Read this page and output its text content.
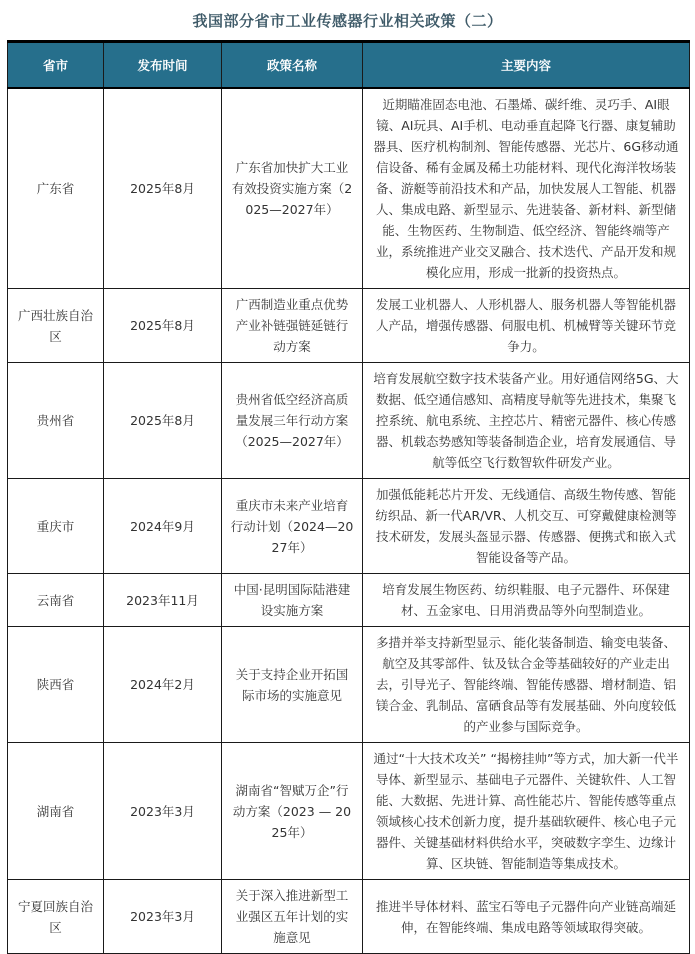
我国部分省市工业传感器行业相关政策（二）
省市	发布时间	政策名称	主要内容
广东省	2025年8月	广东省加快扩大工业有效投资实施方案（2025—2027年）	近期瞄准固态电池、石墨烯、碳纤维、灵巧手、AI眼镜、AI玩具、AI手机、电动垂直起降飞行器、康复辅助器具、医疗机构制剂、智能传感器、光芯片、6G移动通信设备、稀有金属及稀土功能材料、现代化海洋牧场装备、游艇等前沿技术和产品，加快发展人工智能、机器人、集成电路、新型显示、先进装备、新材料、新型储能、生物医药、生物制造、低空经济、智能终端等产业，系统推进产业交叉融合、技术迭代、产品开发和规模化应用，形成一批新的投资热点。
广西壮族自治区	2025年8月	广西制造业重点优势产业补链强链延链行动方案	发展工业机器人、人形机器人、服务机器人等智能机器人产品，增强传感器、伺服电机、机械臂等关键环节竞争力。
贵州省	2025年8月	贵州省低空经济高质量发展三年行动方案（2025—2027年）	培育发展航空数字技术装备产业。用好通信网络5G、大数据、低空通信感知、高精度导航等先进技术，集聚飞控系统、航电系统、主控芯片、精密元器件、核心传感器、机载态势感知等装备制造企业，培育发展通信、导航等低空飞行数智软件研发产业。
重庆市	2024年9月	重庆市未来产业培育行动计划（2024—2027年）	加强低能耗芯片开发、无线通信、高级生物传感、智能纺织品、新一代AR/VR、人机交互、可穿戴健康检测等技术研发，发展头盔显示器、传感器、便携式和嵌入式智能设备等产品。
云南省	2023年11月	中国·昆明国际陆港建设实施方案	培育发展生物医药、纺织鞋服、电子元器件、环保建材、五金家电、日用消费品等外向型制造业。
陕西省	2024年2月	关于支持企业开拓国际市场的实施意见	多措并举支持新型显示、能化装备制造、输变电装备、航空及其零部件、钛及钛合金等基础较好的产业走出去，引导光子、智能终端、智能传感器、增材制造、铝镁合金、乳制品、富硒食品等有发展基础、外向度较低的产业参与国际竞争。
湖南省	2023年3月	湖南省“智赋万企”行动方案（2023 — 2025年）	通过“十大技术攻关” “揭榜挂帅”等方式，加大新一代半导体、新型显示、基础电子元器件、关键软件、人工智能、大数据、先进计算、高性能芯片、智能传感等重点领域核心技术创新力度，提升基础软硬件、核心电子元器件、关键基础材料供给水平，突破数字孪生、边缘计算、区块链、智能制造等集成技术。
宁夏回族自治区	2023年3月	关于深入推进新型工业强区五年计划的实施意见	推进半导体材料、蓝宝石等电子元器件向产业链高端延伸，在智能终端、集成电路等领域取得突破。
